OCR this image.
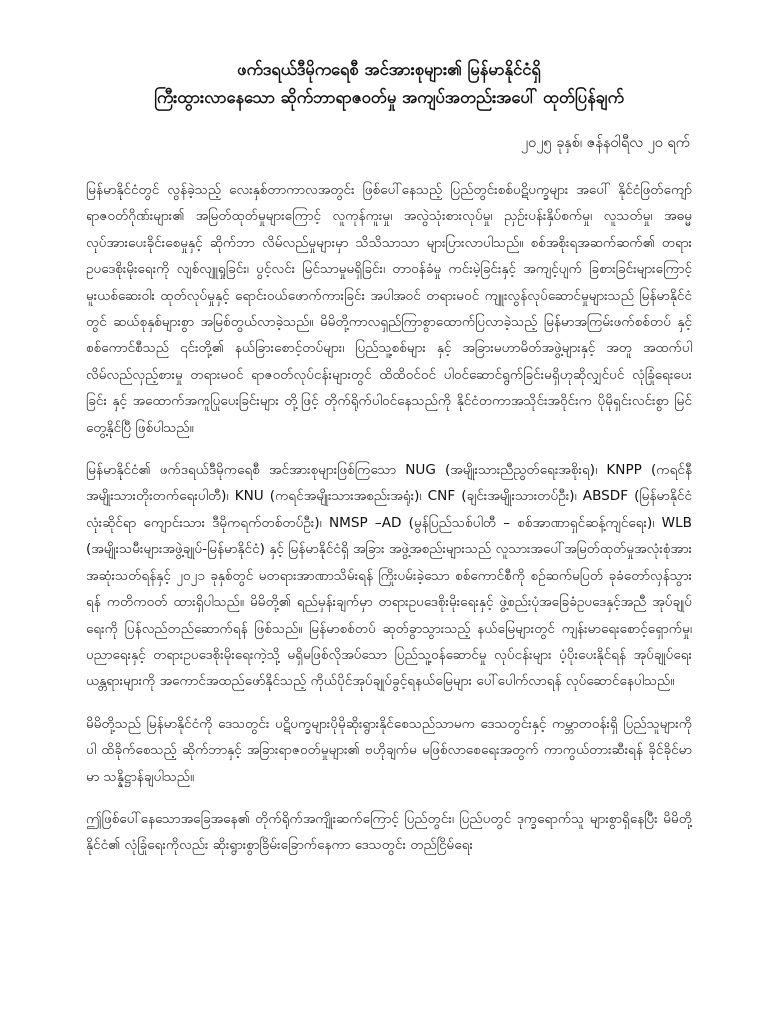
ဖက်ဒရယ်ဒီမိုကရေစီ အင်အားစုများ၏ မြန်မာနိုင်ငံရှိ
ကြီးထွားလာနေသော ဆိုက်ဘာရာဇ၀တ်မှု အကျပ်အတည်းအပေါ် ထုတ်ပြန်ချက်
၂၀၂၅ ခုနှစ်၊ ဇန်နဝါရီလ ၂၀ ရက်

မြန်မာနိုင်ငံတွင် လွန်ခဲ့သည့် လေးနှစ်တာကာလအတွင်း ဖြစ်ပေါ်နေသည့် ပြည်တွင်းစစ်ပဋိပက္ခများ အပေါ် နိုင်ငံဖြတ်ကျော် ရာဇ၀တ်ဂိုဏ်းများ၏ အမြတ်ထုတ်မှုများကြောင့် လူကုန်ကူးမှု၊ အလွဲသုံးစားလုပ်မှု၊ ညှဉ်းပန်းနှိပ်စက်မှု၊ လူသတ်မှု၊ အဓမ္မလုပ်အားပေးခိုင်းစေမှုနှင့် ဆိုက်ဘာ လိမ်လည်မှုများမှာ သိသိသာသာ များပြားလာပါသည်။ စစ်အစိုးရအဆက်ဆက်၏ တရားဥပဒေစိုးမိုးရေးကို လျစ်လျူရှုခြင်း၊ ပွင့်လင်း မြင်သာမှုမရှိခြင်း၊ တာဝန်ခံမှု ကင်းမဲ့ခြင်းနှင့် အကျင့်ပျက် ခြစားခြင်းများကြောင့် မူးယစ်ဆေးဝါး ထုတ်လုပ်မှုနှင့် ရောင်းဝယ်ဖောက်ကားခြင်း အပါအဝင် တရားမဝင် ကျူးလွန်လုပ်ဆောင်မှုများသည် မြန်မာနိုင်ငံတွင် ဆယ်စုနှစ်များစွာ အမြစ်တွယ်လာခဲ့သည်။ မိမိတို့ကာလရှည်ကြာစွာထောက်ပြလာခဲ့သည့် မြန်မာအကြမ်းဖက်စစ်တပ် နှင့် စစ်ကောင်စီသည် ၎င်းတို့၏ နယ်ခြားစောင့်တပ်များ၊ ပြည်သူ့စစ်များ နှင့် အခြားမဟာမိတ်အဖွဲ့များနှင့် အတူ အထက်ပါ လိမ်လည်လှည့်စားမှု တရားမဝင် ရာဇ၀တ်လုပ်ငန်းများတွင် ထိထိဝင်ဝင် ပါဝင်ဆောင်ရွက်ခြင်းမရှိဟုဆိုလျှင်ပင် လုံခြုံရေးပေးခြင်း နှင့် အထောက်အကူပြုပေးခြင်းများ တို့ဖြင့် တိုက်ရိုက်ပါဝင်နေသည်ကို နိုင်ငံတကာအသိုင်းအဝိုင်းက ပိုမိုရှင်းလင်းစွာ မြင်တွေ့နိုင်ပြီ ဖြစ်ပါသည်။

မြန်မာနိုင်ငံ၏ ဖက်ဒရယ်ဒီမိုကရေစီ အင်အားစုများဖြစ်ကြသော NUG (အမျိုးသားညီညွတ်ရေးအစိုးရ)၊ KNPP (ကရင်နီအမျိုးသားတိုးတက်ရေးပါတီ)၊ KNU (ကရင်အမျိုးသားအစည်းအရုံး)၊ CNF (ချင်းအမျိုးသားတပ်ဦး)၊ ABSDF (မြန်မာနိုင်ငံလုံးဆိုင်ရာ ကျောင်းသား ဒီမိုကရက်တစ်တပ်ဦး)၊ NMSP –AD (မွန်ပြည်သစ်ပါတီ – စစ်အာဏာရှင်ဆန့်ကျင်ရေး)၊ WLB (အမျိုးသမီးများအဖွဲ့ချုပ်-မြန်မာနိုင်ငံ) နှင့် မြန်မာနိုင်ငံရှိ အခြား အဖွဲ့အစည်းများသည် လူသားအပေါ်အမြတ်ထုတ်မှုအလုံးစုံအား အဆုံးသတ်ရန်နှင့် ၂၀၂၁ ခုနှစ်တွင် မတရားအာဏာသိမ်းရန် ကြိုးပမ်းခဲ့သော စစ်ကောင်စီကို စဉ်ဆက်မပြတ် ခုခံတော်လှန်သွားရန် ကတိကဝတ် ထားရှိပါသည်။ မိမိတို့၏ ရည်မှန်းချက်မှာ တရားဥပဒေစိုးမိုးရေးနှင့် ဖွဲ့စည်းပုံအခြေခံဥပဒေနှင့်အညီ အုပ်ချုပ်ရေးကို ပြန်လည်တည်ဆောက်ရန် ဖြစ်သည်။ မြန်မာစစ်တပ် ဆုတ်ခွာသွားသည့် နယ်မြေများတွင် ကျန်းမာရေးစောင့်ရှောက်မှု၊ ပညာရေးနှင့် တရားဥပဒေစိုးမိုးရေးကဲ့သို့ မရှိမဖြစ်လိုအပ်သော ပြည်သူ့ဝန်ဆောင်မှု လုပ်ငန်းများ ပံ့ပိုးပေးနိုင်ရန် အုပ်ချုပ်ရေးယန္တရားများကို အကောင်အထည်ဖော်နိုင်သည့် ကိုယ်ပိုင်အုပ်ချုပ်ခွင့်ရနယ်မြေများ ပေါ်ပေါက်လာရန် လုပ်ဆောင်နေပါသည်။

မိမိတို့သည် မြန်မာနိုင်ငံကို ဒေသတွင်း ပဋိပက္ခများပိုမိုဆိုးရွားနိုင်စေသည်သာမက ဒေသတွင်းနှင့် ကမ္ဘာတဝန်းရှိ ပြည်သူများကိုပါ ထိခိုက်စေသည့် ဆိုက်ဘာနှင့် အခြားရာဇ၀တ်မှုများ၏ ဗဟိုချက်မ မဖြစ်လာစေရေးအတွက် ကာကွယ်တားဆီးရန် ခိုင်ခိုင်မာမာ သန္နိဋ္ဌာန်ချပါသည်။

ဤဖြစ်ပေါ်နေသောအခြေအနေ၏ တိုက်ရိုက်အကျိုးဆက်ကြောင့် ပြည်တွင်း၊ ပြည်ပတွင် ဒုက္ခရောက်သူ များစွာရှိနေပြီး မိမိတို့ နိုင်ငံ၏ လုံခြုံရေးကိုလည်း ဆိုးရွားစွာခြိမ်းခြောက်နေကာ ဒေသတွင်း တည်ငြိမ်ရေး
